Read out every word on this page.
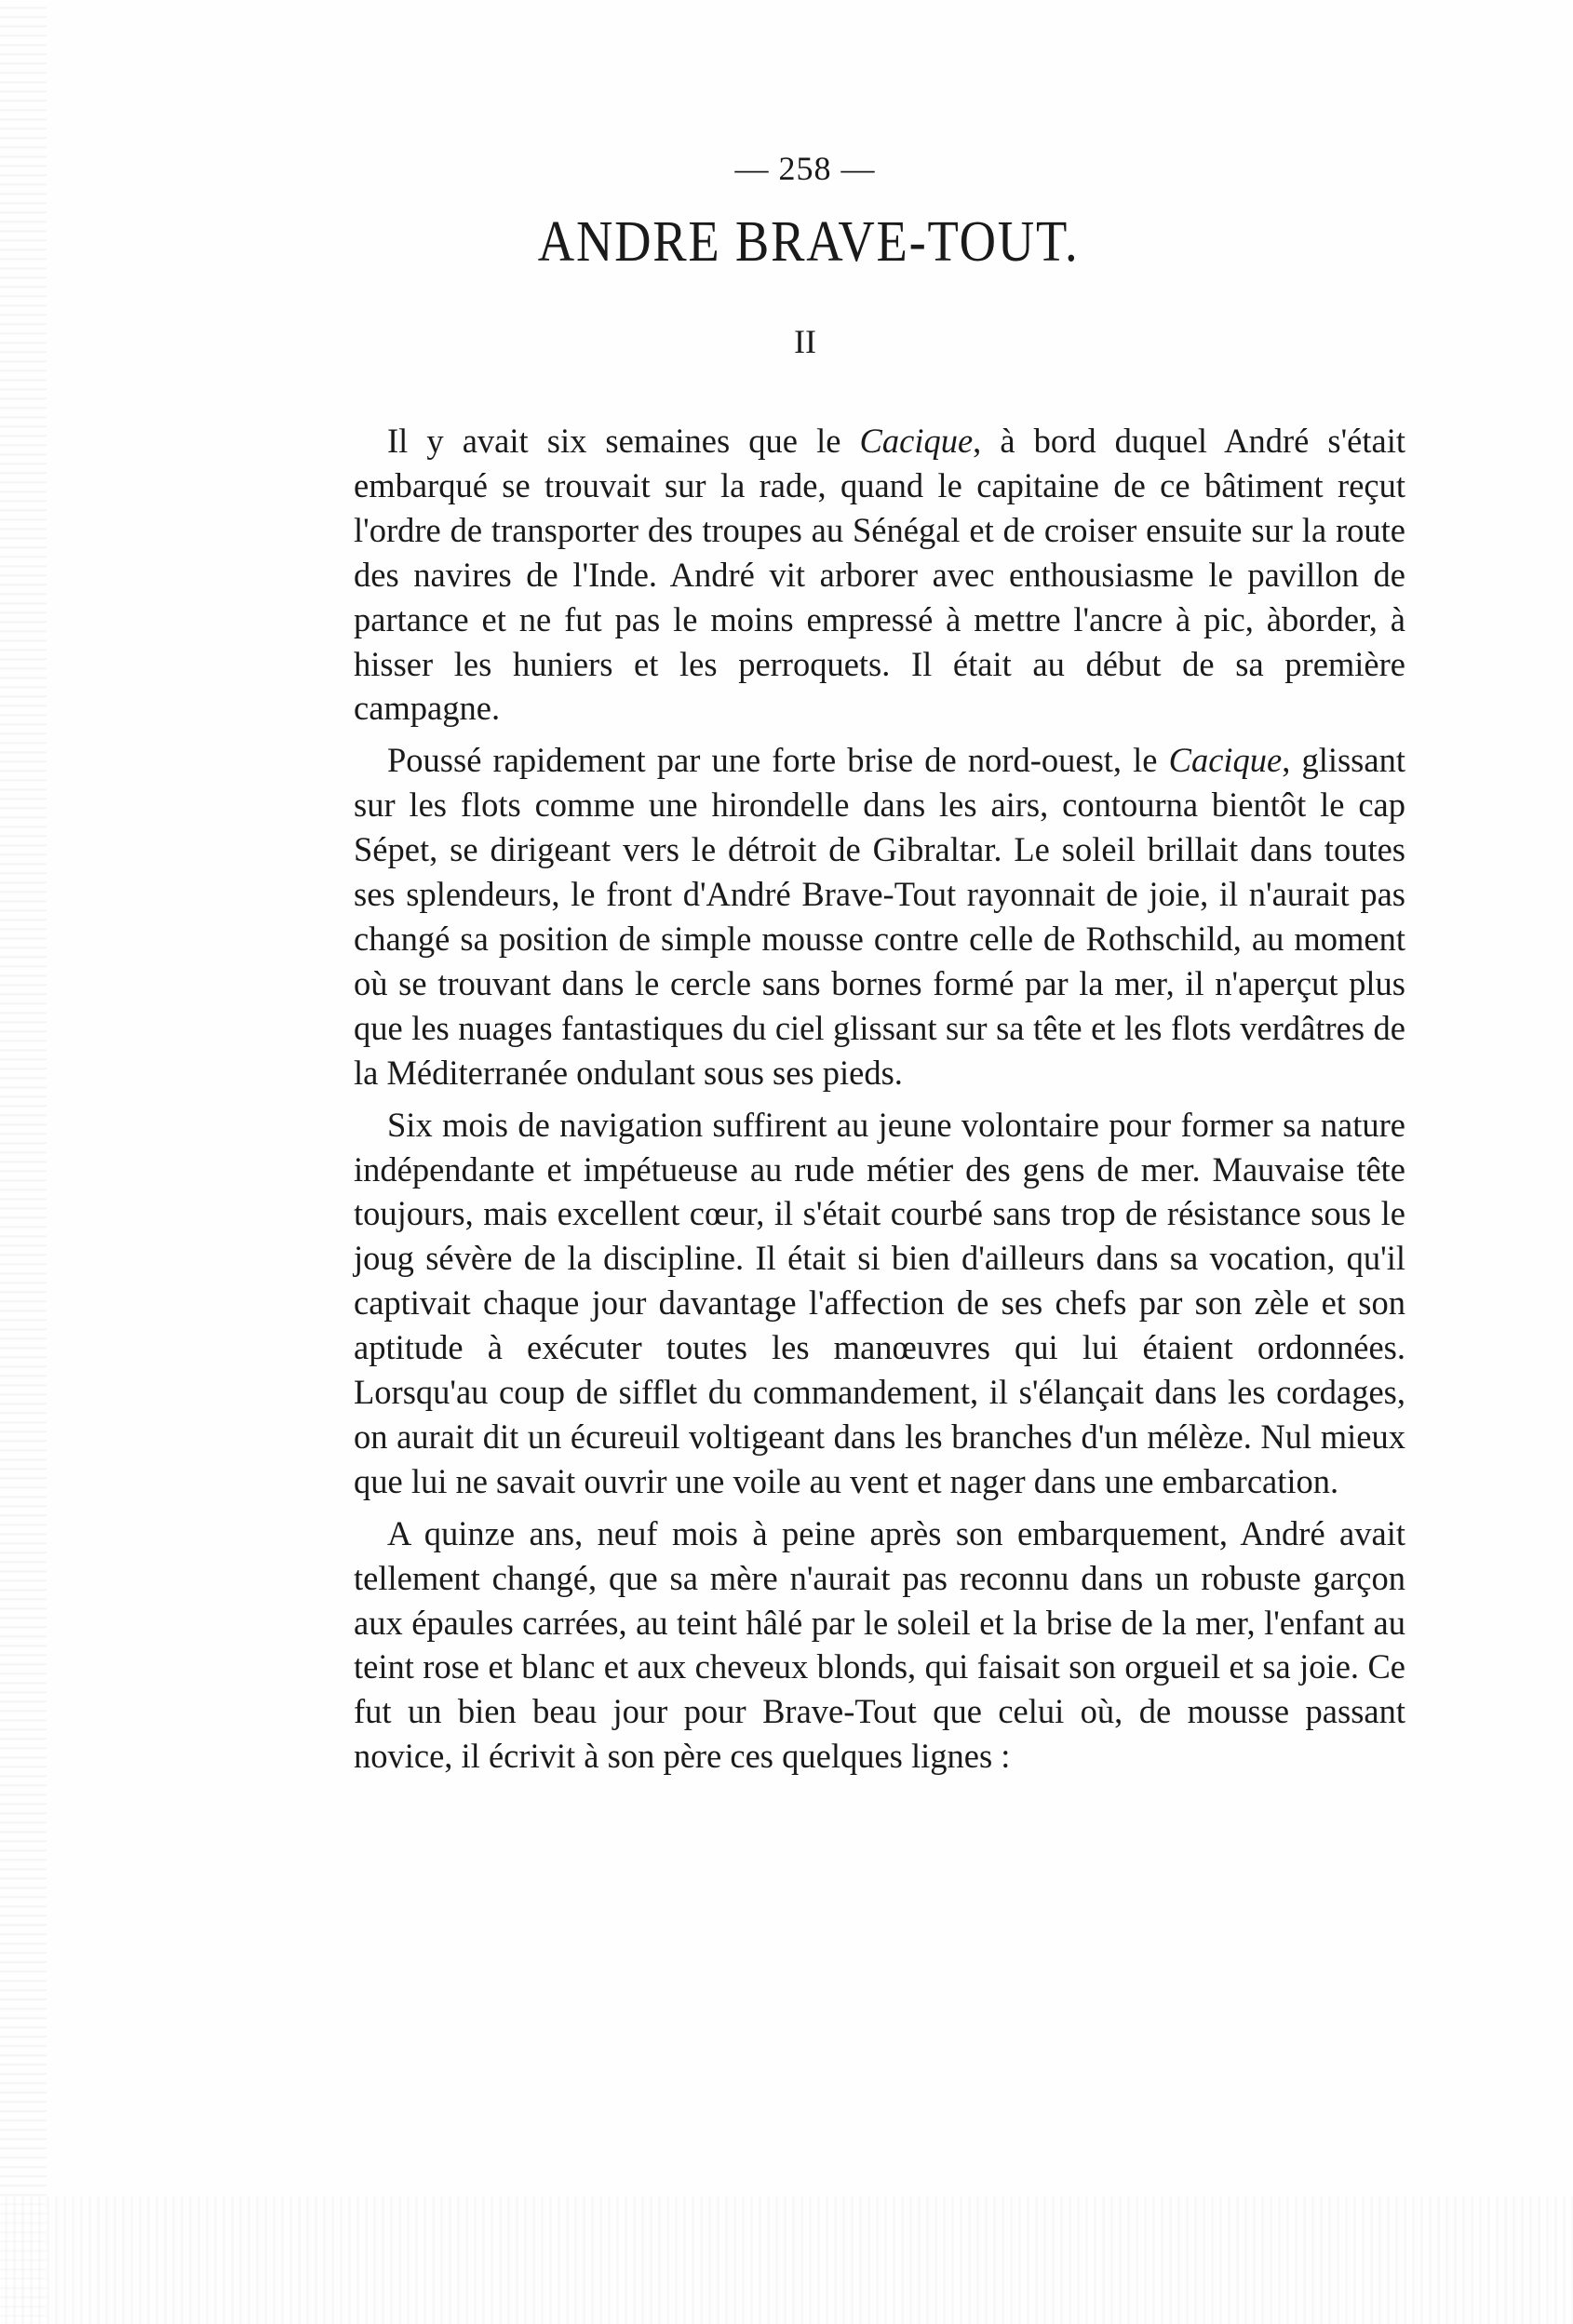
— 258 —
ANDRE BRAVE-TOUT.
II

Il y avait six semaines que le Cacique, à bord duquel André s'était embarqué se trouvait sur la rade, quand le capitaine de ce bâtiment reçut l'ordre de transporter des troupes au Sénégal et de croiser ensuite sur la route des navires de l'Inde. André vit arborer avec enthousiasme le pavillon de partance et ne fut pas le moins empressé à mettre l'ancre à pic, àborder, à hisser les huniers et les perroquets. Il était au début de sa première campagne.

Poussé rapidement par une forte brise de nord-ouest, le Cacique, glissant sur les flots comme une hirondelle dans les airs, contourna bientôt le cap Sépet, se dirigeant vers le détroit de Gibraltar. Le soleil brillait dans toutes ses splendeurs, le front d'André Brave-Tout rayonnait de joie, il n'aurait pas changé sa position de simple mousse contre celle de Rothschild, au moment où se trouvant dans le cercle sans bornes formé par la mer, il n'aperçut plus que les nuages fantastiques du ciel glissant sur sa tête et les flots verdâtres de la Méditerranée ondulant sous ses pieds.

Six mois de navigation suffirent au jeune volontaire pour former sa nature indépendante et impétueuse au rude métier des gens de mer. Mauvaise tête toujours, mais excellent cœur, il s'était courbé sans trop de résistance sous le joug sévère de la discipline. Il était si bien d'ailleurs dans sa vocation, qu'il captivait chaque jour davantage l'affection de ses chefs par son zèle et son aptitude à exécuter toutes les manœuvres qui lui étaient ordonnées. Lorsqu'au coup de sifflet du commandement, il s'élançait dans les cordages, on aurait dit un écureuil voltigeant dans les branches d'un mélèze. Nul mieux que lui ne savait ouvrir une voile au vent et nager dans une embarcation.

A quinze ans, neuf mois à peine après son embarquement, André avait tellement changé, que sa mère n'aurait pas reconnu dans un robuste garçon aux épaules carrées, au teint hâlé par le soleil et la brise de la mer, l'enfant au teint rose et blanc et aux cheveux blonds, qui faisait son orgueil et sa joie. Ce fut un bien beau jour pour Brave-Tout que celui où, de mousse passant novice, il écrivit à son père ces quelques lignes :
